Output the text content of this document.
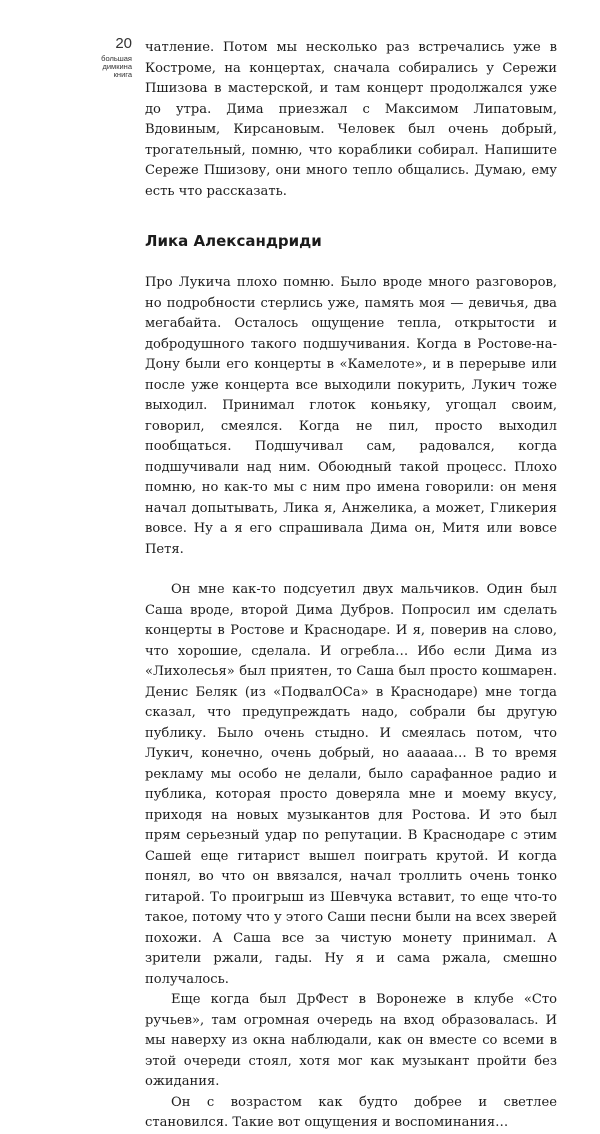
20
большая
димкина
книга

чатление. Потом мы несколько раз встречались уже в Костроме, на концертах, сначала собирались у Сережи Пшизова в мастерской, и там концерт продолжался уже до утра. Дима приезжал с Максимом Липатовым, Вдовиным, Кирсановым. Человек был очень добрый, трогательный, помню, что кораблики собирал. Напишите Сереже Пшизову, они много тепло общались. Думаю, ему есть что рассказать.

Лика Александриди

Про Лукича плохо помню. Было вроде много разговоров, но подробности стерлись уже, память моя — девичья, два мегабайта. Осталось ощущение тепла, открытости и добродушного такого подшучивания. Когда в Ростове-на-Дону были его концерты в «Камелоте», и в перерыве или после уже концерта все выходили покурить, Лукич тоже выходил. Принимал глоток коньяку, угощал своим, говорил, смеялся. Когда не пил, просто выходил пообщаться. Подшучивал сам, радовался, когда подшучивали над ним. Обоюдный такой процесс. Плохо помню, но как-то мы с ним про имена говорили: он меня начал допытывать, Лика я, Анжелика, а может, Гликерия вовсе. Ну а я его спрашивала Дима он, Митя или вовсе Петя.

Он мне как-то подсуетил двух мальчиков. Один был Саша вроде, второй Дима Дубров. Попросил им сделать концерты в Ростове и Краснодаре. И я, поверив на слово, что хорошие, сделала. И огребла… Ибо если Дима из «Лихолесья» был приятен, то Саша был просто кошмарен. Денис Беляк (из «ПодвалОСа» в Краснодаре) мне тогда сказал, что предупреждать надо, собрали бы другую публику. Было очень стыдно. И смеялась потом, что Лукич, конечно, очень добрый, но аааааа… В то время рекламу мы особо не делали, было сарафанное радио и публика, которая просто доверяла мне и моему вкусу, приходя на новых музыкантов для Ростова. И это был прям серьезный удар по репутации. В Краснодаре с этим Сашей еще гитарист вышел поиграть крутой. И когда понял, во что он ввязался, начал троллить очень тонко гитарой. То проигрыш из Шевчука вставит, то еще что-то такое, потому что у этого Саши песни были на всех зверей похожи. А Саша все за чистую монету принимал. А зрители ржали, гады. Ну я и сама ржала, смешно получалось.

Еще когда был ДрФест в Воронеже в клубе «Сто ручьев», там огромная очередь на вход образовалась. И мы наверху из окна наблюдали, как он вместе со всеми в этой очереди стоял, хотя мог как музыкант пройти без ожидания.

Он с возрастом как будто добрее и светлее становился. Такие вот ощущения и воспоминания…
